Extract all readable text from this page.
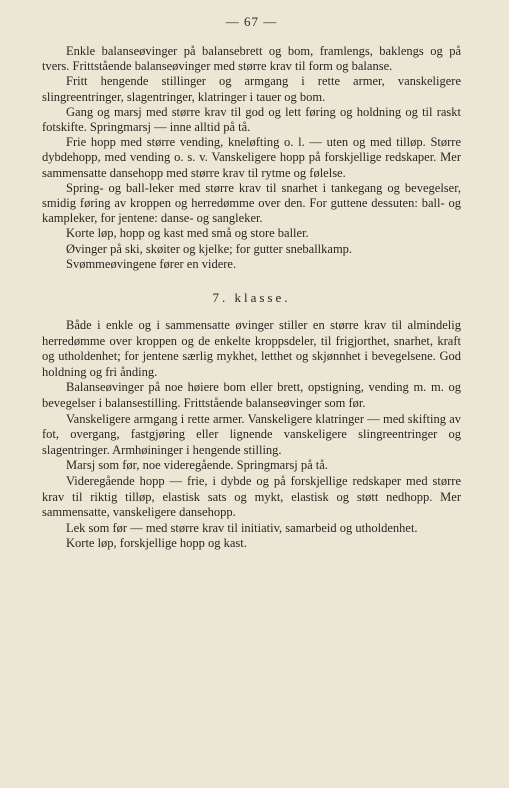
— 67 —

Enkle balanseøvinger på balansebrett og bom, framlengs, baklengs og på tvers. Frittstående balanseøvinger med større krav til form og balanse.

Fritt hengende stillinger og armgang i rette armer, vanskeligere slingreentringer, slagentringer, klatringer i tauer og bom.

Gang og marsj med større krav til god og lett føring og holdning og til raskt fotskifte. Springmarsj — inne alltid på tå.

Frie hopp med større vending, kneløfting o. l. — uten og med tilløp. Større dybdehopp, med vending o. s. v. Vanskeligere hopp på forskjellige redskaper. Mer sammensatte dansehopp med større krav til rytme og følelse.

Spring- og ball-leker med større krav til snarhet i tankegang og bevegelser, smidig føring av kroppen og herredømme over den. For guttene dessuten: ball- og kampleker, for jentene: danse- og sangleker.

Korte løp, hopp og kast med små og store baller.

Øvinger på ski, skøiter og kjelke; for gutter sneballkamp.

Svømmeøvingene fører en videre.

7. klasse.

Både i enkle og i sammensatte øvinger stiller en større krav til almindelig herredømme over kroppen og de enkelte kroppsdeler, til frigjorthet, snarhet, kraft og utholdenhet; for jentene særlig mykhet, letthet og skjønnhet i bevegelsene. God holdning og fri ånding.

Balanseøvinger på noe høiere bom eller brett, opstigning, vending m. m. og bevegelser i balansestilling. Frittstående balanseøvinger som før.

Vanskeligere armgang i rette armer. Vanskeligere klatringer — med skifting av fot, overgang, fastgjøring eller lignende vanskeligere slingreentringer og slagentringer. Armhøininger i hengende stilling.

Marsj som før, noe videregående. Springmarsj på tå.

Videregående hopp — frie, i dybde og på forskjellige redskaper med større krav til riktig tilløp, elastisk sats og mykt, elastisk og støtt nedhopp. Mer sammensatte, vanskeligere dansehopp.

Lek som før — med større krav til initiativ, samarbeid og utholdenhet.

Korte løp, forskjellige hopp og kast.
